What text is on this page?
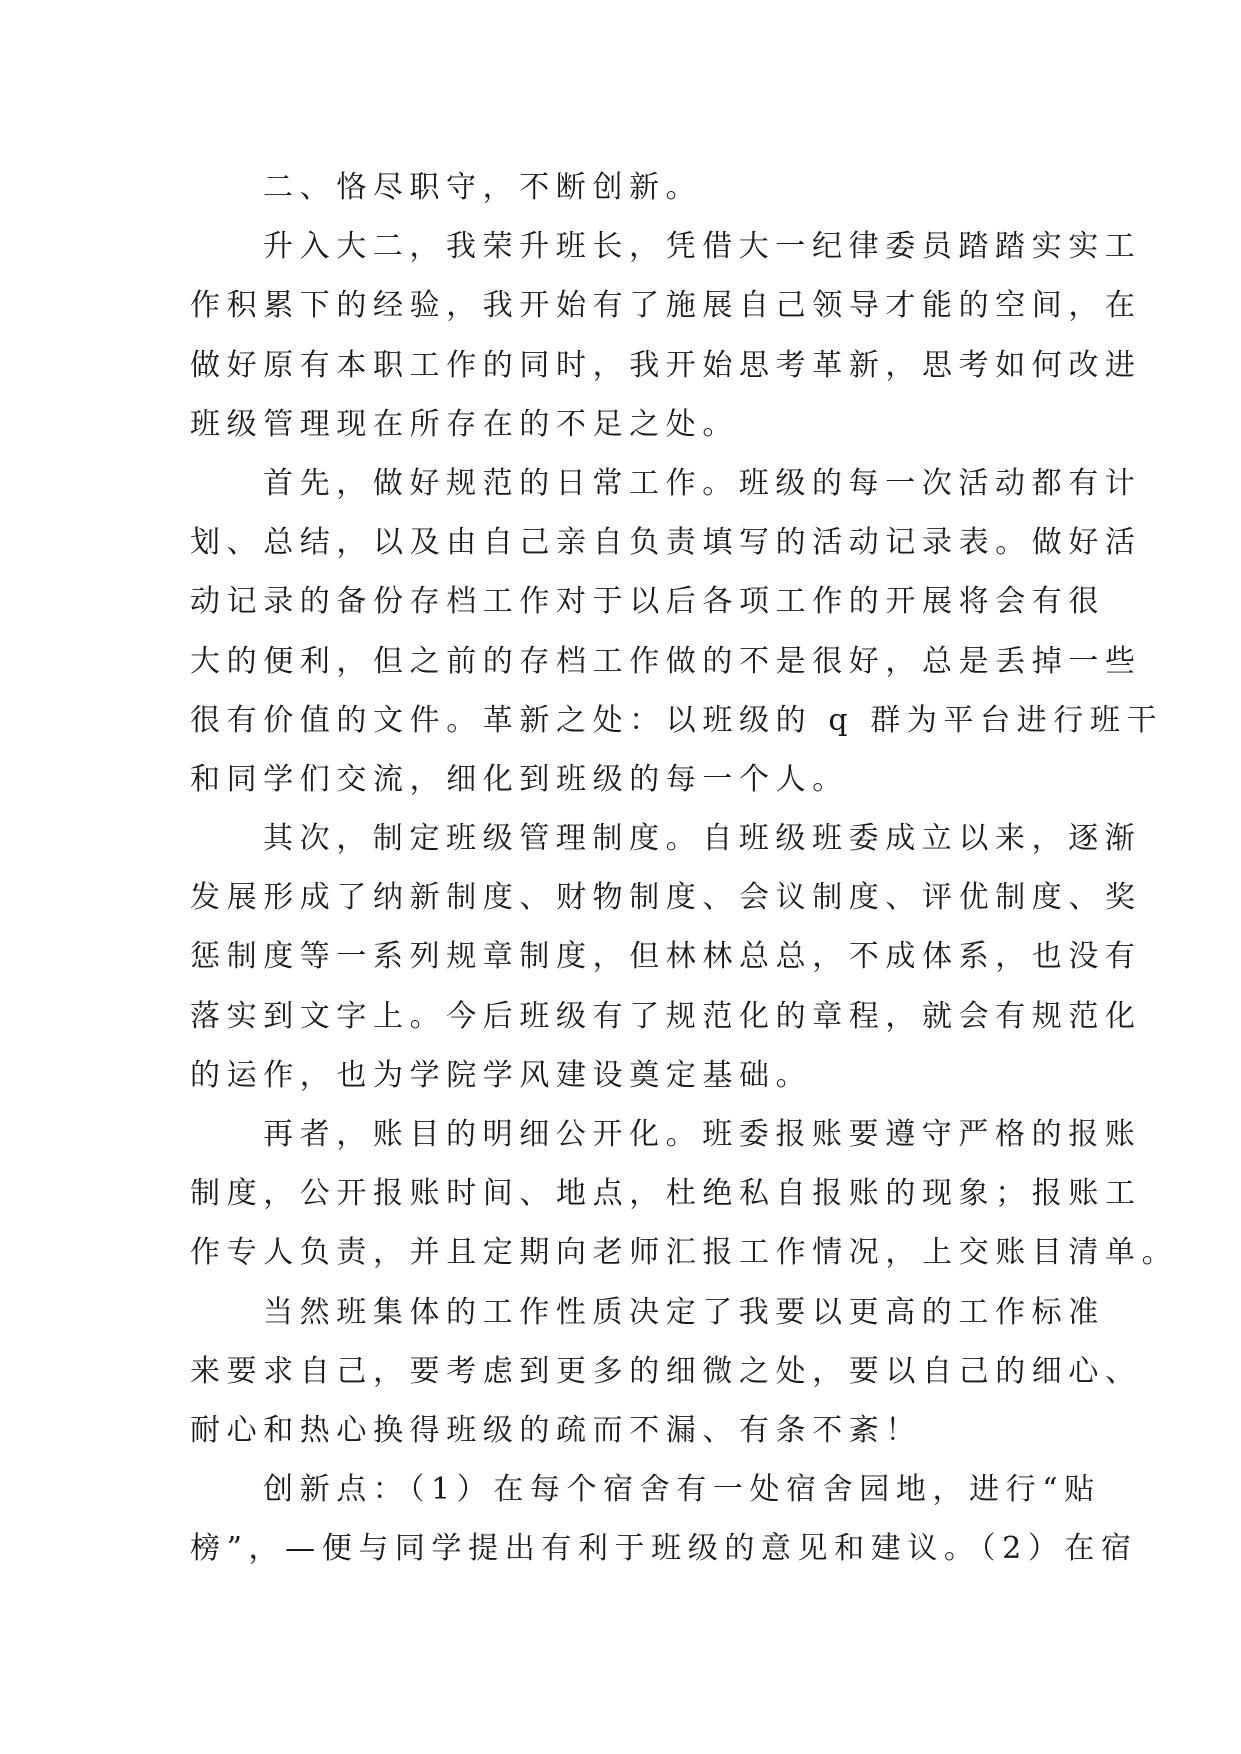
二、恪尽职守，不断创新。
升入大二，我荣升班长，凭借大一纪律委员踏踏实实工
作积累下的经验，我开始有了施展自己领导才能的空间，在
做好原有本职工作的同时，我开始思考革新，思考如何改进
班级管理现在所存在的不足之处。
首先，做好规范的日常工作。班级的每一次活动都有计
划、总结，以及由自己亲自负责填写的活动记录表。做好活
动记录的备份存档工作对于以后各项工作的开展将会有很
大的便利，但之前的存档工作做的不是很好，总是丢掉一些
很有价值的文件。革新之处：以班级的 q 群为平台进行班干
和同学们交流，细化到班级的每一个人。
其次，制定班级管理制度。自班级班委成立以来，逐渐
发展形成了纳新制度、财物制度、会议制度、评优制度、奖
惩制度等一系列规章制度，但林林总总，不成体系，也没有
落实到文字上。今后班级有了规范化的章程，就会有规范化
的运作，也为学院学风建设奠定基础。
再者，账目的明细公开化。班委报账要遵守严格的报账
制度，公开报账时间、地点，杜绝私自报账的现象；报账工
作专人负责，并且定期向老师汇报工作情况，上交账目清单。
当然班集体的工作性质决定了我要以更高的工作标准
来要求自己，要考虑到更多的细微之处，要以自己的细心、
耐心和热心换得班级的疏而不漏、有条不紊！
创新点：（1）在每个宿舍有一处宿舍园地，进行“贴
榜”，—便与同学提出有利于班级的意见和建议。（2）在宿
